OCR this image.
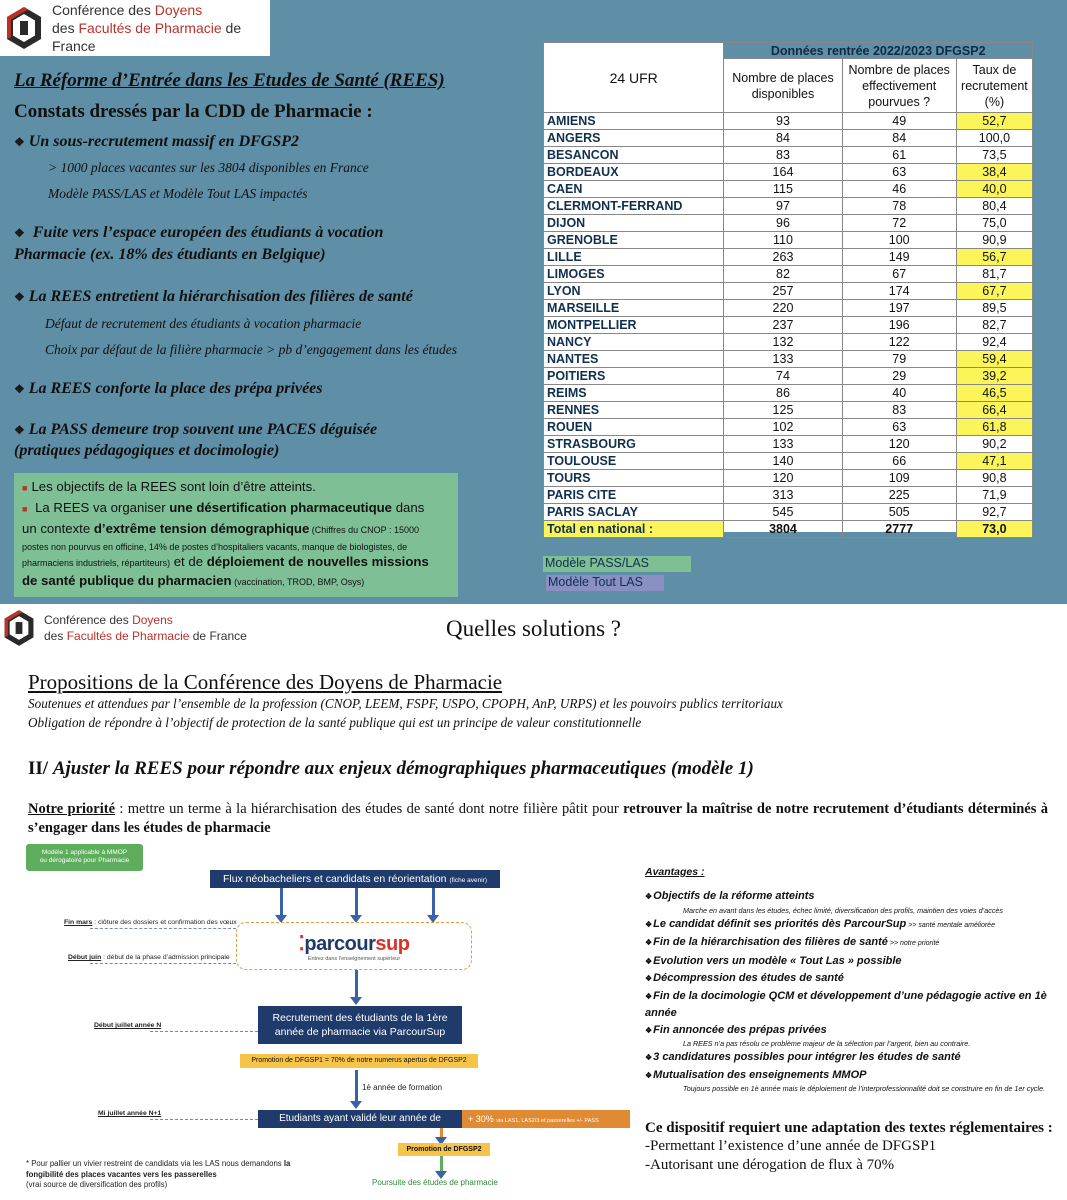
Conférence des Doyens
des Facultés de Pharmacie de France
La Réforme d’Entrée dans les Etudes de Santé (REES)
Constats dressés par la CDD de Pharmacie :
❖ Un sous-recrutement massif en DFGSP2
> 1000 places vacantes sur les 3804 disponibles en France
Modèle PASS/LAS et Modèle Tout LAS impactés
❖ Fuite vers l’espace européen des étudiants à vocation
Pharmacie (ex. 18% des étudiants en Belgique)
❖ La REES entretient la hiérarchisation des filières de santé
Défaut de recrutement des étudiants à vocation pharmacie
Choix par défaut de la filière pharmacie > pb d’engagement dans les études
❖ La REES conforte la place des prépa privées
❖ La PASS demeure trop souvent une PACES déguisée
(pratiques pédagogiques et docimologie)
■ Les objectifs de la REES sont loin d’être atteints.
■ La REES va organiser une désertification pharmaceutique dans
un contexte d’extrême tension démographique (Chiffres du CNOP : 15000
postes non pourvus en officine, 14% de postes d’hospitaliers vacants, manque de biologistes, de
pharmaciens industriels, répartiteurs) et de déploiement de nouvelles missions
de santé publique du pharmacien (vaccination, TROD, BMP, Osys)
24 UFR	Données rentrée 2022/2023 DFGSP2		
	Nombre de places disponibles	Nombre de places effectivement pourvues ?	Taux de recrutement (%)
AMIENS	93	49	52,7
ANGERS	84	84	100,0
BESANCON	83	61	73,5
BORDEAUX	164	63	38,4
CAEN	115	46	40,0
CLERMONT-FERRAND	97	78	80,4
DIJON	96	72	75,0
GRENOBLE	110	100	90,9
LILLE	263	149	56,7
LIMOGES	82	67	81,7
LYON	257	174	67,7
MARSEILLE	220	197	89,5
MONTPELLIER	237	196	82,7
NANCY	132	122	92,4
NANTES	133	79	59,4
POITIERS	74	29	39,2
REIMS	86	40	46,5
RENNES	125	83	66,4
ROUEN	102	63	61,8
STRASBOURG	133	120	90,2
TOULOUSE	140	66	47,1
TOURS	120	109	90,8
PARIS CITE	313	225	71,9
PARIS SACLAY	545	505	92,7
Total en national :	3804	2777	73,0
Modèle PASS/LAS
Modèle Tout LAS
Conférence des Doyens
des Facultés de Pharmacie de France	Quelles solutions ?
Propositions de la Conférence des Doyens de Pharmacie
Soutenues et attendues par l’ensemble de la profession (CNOP, LEEM, FSPF, USPO, CPOPH, AnP, URPS) et les pouvoirs publics territoriaux
Obligation de répondre à l’objectif de protection de la santé publique qui est un principe de valeur constitutionnelle
II/ Ajuster la REES pour répondre aux enjeux démographiques pharmaceutiques (modèle 1)
Notre priorité : mettre un terme à la hiérarchisation des études de santé dont notre filière pâtit pour retrouver la maîtrise de notre recrutement d’étudiants déterminés à s’engager dans les études de pharmacie
Modèle 1 applicable à MMOP
ou dérogatoire pour Pharmacie
Flux néobacheliers et candidats en réorientation (fiche avenir)
Fin mars : clôture des dossiers et confirmation des vœux
Début juin : début de la phase d’admission principale
⁚parcoursup
Entrez dans l’enseignement supérieur
Début juillet année N
Recrutement des étudiants de la 1ère
année de pharmacie via ParcourSup
Promotion de DFGSP1 = 70% de notre numerus apertus de DFGSP2
1è année de formation
Mi juillet année N+1	Etudiants ayant validé leur année de DFGSP1
+ 30% via LAS1, LAS2/3 et passerelles +/- PASS
Promotion de DFGSP2
Poursuite des études de pharmacie
* Pour pallier un vivier restreint de candidats via les LAS nous demandons la
fongibilité des places vacantes vers les passerelles
(vrai source de diversification des profils)
Avantages :
❖Objectifs de la réforme atteints
Marche en avant dans les études, échec limité, diversification des profils, maintien des voies d’accès
❖Le candidat définit ses priorités dès ParcourSup >> santé mentale améliorée
❖Fin de la hiérarchisation des filières de santé >> notre priorité
❖Evolution vers un modèle « Tout Las » possible
❖Décompression des études de santé
❖Fin de la docimologie QCM et développement d’une pédagogie active en 1è année
❖Fin annoncée des prépas privées
La REES n’a pas résolu ce problème majeur de la sélection par l’argent, bien au contraire.
❖3 candidatures possibles pour intégrer les études de santé
❖Mutualisation des enseignements MMOP
Toujours possible en 1è année mais le déploiement de l’interprofessionnalité doit se construire en fin de 1er cycle.
Ce dispositif requiert une adaptation des textes réglementaires :
-Permettant l’existence d’une année de DFGSP1
-Autorisant une dérogation de flux à 70%
